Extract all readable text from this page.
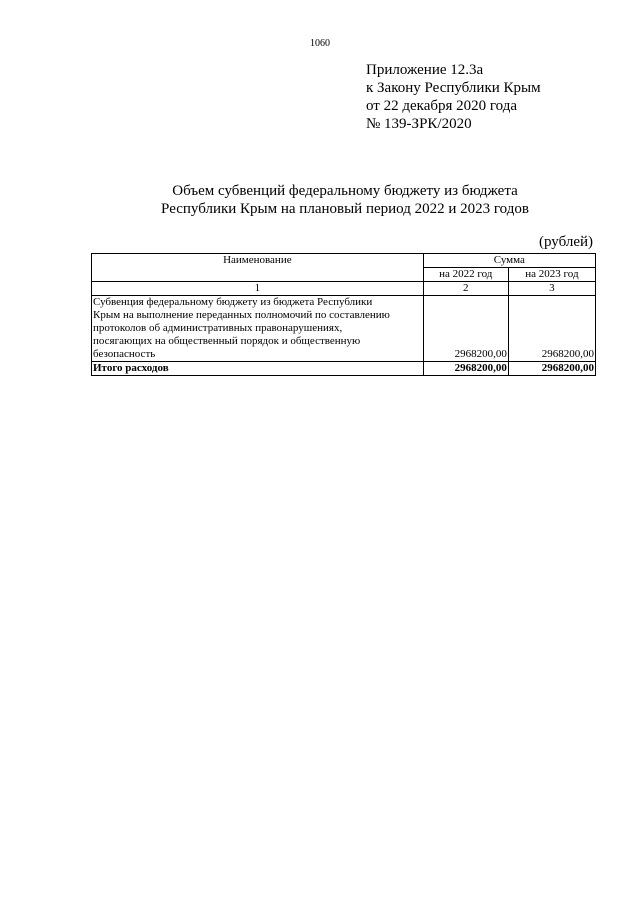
1060
Приложение 12.3а
к Закону Республики Крым
от 22 декабря 2020 года
№ 139-ЗРК/2020
Объем субвенций федеральному бюджету из бюджета
Республики Крым на плановый период 2022 и 2023 годов
(рублей)
Наименование	Сумма	
	на 2022 год	на 2023 год
1	2	3

Субвенция федеральному бюджету из бюджета Республики
Крым на выполнение переданных полномочий по составлению
протоколов об административных правонарушениях,
посягающих на общественный порядок и общественную
безопасность	2968200,00	2968200,00
Итого расходов	2968200,00	2968200,00
